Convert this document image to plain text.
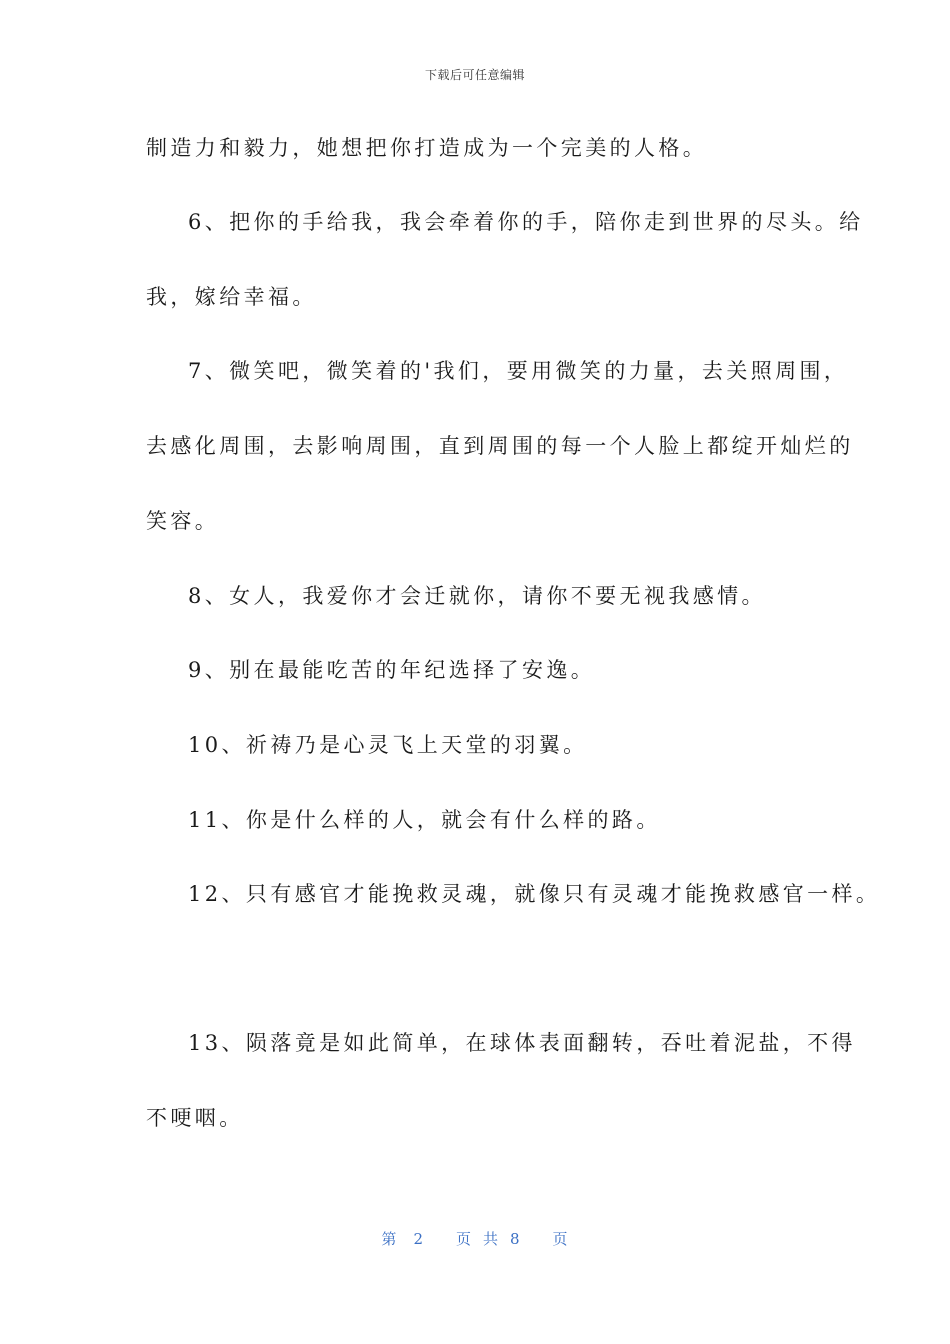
下载后可任意编辑
制造力和毅力，她想把你打造成为一个完美的人格。
6、把你的手给我，我会牵着你的手，陪你走到世界的尽头。给
我，嫁给幸福。
7、微笑吧，微笑着的'我们，要用微笑的力量，去关照周围，
去感化周围，去影响周围，直到周围的每一个人脸上都绽开灿烂的
笑容。
8、女人，我爱你才会迁就你，请你不要无视我感情。
9、别在最能吃苦的年纪选择了安逸。
10、祈祷乃是心灵飞上天堂的羽翼。
11、你是什么样的人，就会有什么样的路。
12、只有感官才能挽救灵魂，就像只有灵魂才能挽救感官一样。
13、陨落竟是如此简单，在球体表面翻转，吞吐着泥盐，不得
不哽咽。
第 2 页共8 页
